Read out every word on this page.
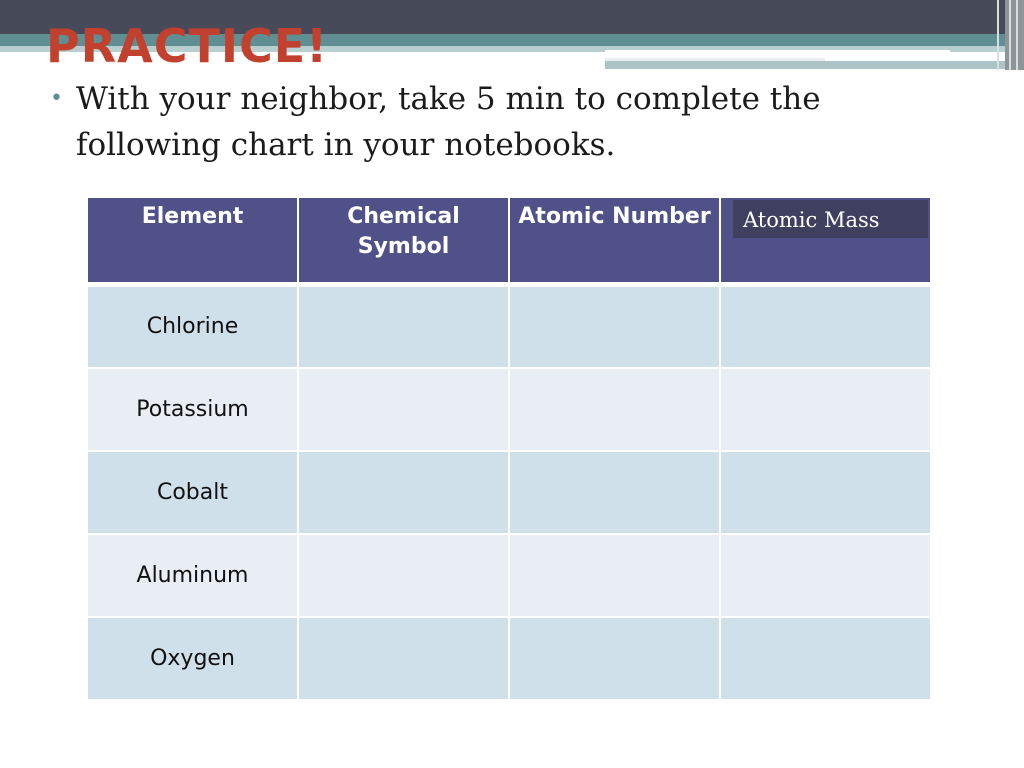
PRACTICE!
• With your neighbor, take 5 min to complete the following chart in your notebooks.
Element	Chemical Symbol	Atomic Number	Atomic Mass

Chlorine			
Potassium			
Cobalt			
Aluminum			
Oxygen			
